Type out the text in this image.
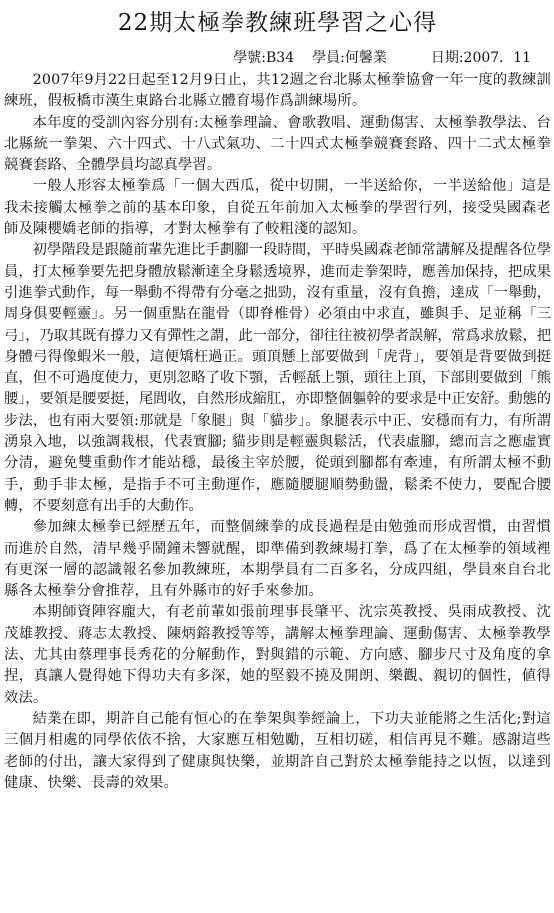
22期太極拳教練班學習之心得
學號:B34 學員:何馨業	日期:2007．11

2007年9月22日起至12月9日止，共12週之台北縣太極拳協會一年一度的教練訓練班，假板橋市漢生東路台北縣立體育場作爲訓練場所。

本年度的受訓內容分別有:太極拳理論、會歌教唱、運動傷害、太極拳教學法、台北縣統一拳架、六十四式、十八式氣功、二十四式太極拳競賽套路、四十二式太極拳競賽套路、全體學員均認真學習。

一般人形容太極拳爲「一個大西瓜，從中切開，一半送給你，一半送給他」這是我未接觸太極拳之前的基本印象，自從五年前加入太極拳的學習行列，接受吳國森老師及陳櫻嬌老師的指導，才對太極拳有了較粗淺的認知。

初學階段是跟隨前輩先進比手劃腳一段時間，平時吳國森老師常講解及提醒各位學員，打太極拳要先把身體放鬆漸達全身鬆透境界，進而走拳架時，應善加保持，把成果引進拳式動作，每一舉動不得帶有分毫之拙勁，沒有重量，沒有負擔，達成「一舉動，周身俱要輕靈」。另一個重點在龍骨（即脊椎骨）必須由中求直，雖與手、足並稱「三弓」，乃取其既有撐力又有彈性之謂，此一部分，卻往往被初學者誤解，常爲求放鬆，把身體弓得像蝦米一般，這便矯枉過正。頭頂懸上部要做到「虎背」，要領是背要做到挺直，但不可過度使力，更別忽略了收下顎，舌輕舐上顎，頭往上頂，下部則要做到「熊腰」，要領是腰要挺，尾閭收，自然形成縮肛，亦即整個軀幹的要求是中正安舒。動態的步法，也有兩大要領:那就是「象腿」與「貓步」。象腿表示中正、安穩而有力，有所謂湧泉入地，以強調栽根，代表實腳; 貓步則是輕靈與鬆活，代表虛腳，總而言之應虛實分清，避免雙重動作才能站穩，最後主宰於腰，從頭到腳都有牽連，有所謂太極不動手，動手非太極，是指手不可主動運作，應隨腰腿順勢動盪，鬆柔不使力，要配合腰轉，不要刻意有出手的大動作。

參加練太極拳已經歷五年，而整個練拳的成長過程是由勉強而形成習慣，由習慣而進於自然，清早幾乎鬧鐘未響就醒，即準備到教練場打拳，爲了在太極拳的領域裡有更深一層的認識報名參加教練班，本期學員有二百多名，分成四組，學員來自台北縣各太極拳分會推荐，且有外縣市的好手來參加。

本期師資陣容龐大，有老前輩如張前理事長肇平、沈宗英教授、吳雨成教授、沈茂雄教授、蔣志太教授、陳炳鎔教授等等，講解太極拳理論、運動傷害、太極拳教學法、尤其由蔡理事長秀花的分解動作，對與錯的示範、方向感、腳步尺寸及角度的拿捏，真讓人覺得她下得功夫有多深，她的堅毅不撓及開朗、樂觀、親切的個性，値得效法。

結業在即，期許自己能有恒心的在拳架與拳經論上，下功夫並能將之生活化;對這三個月相處的同學依依不捨，大家應互相勉勵，互相切磋，相信再見不難。感謝這些老師的付出，讓大家得到了健康與快樂，並期許自己對於太極拳能持之以恆，以達到健康、快樂、長壽的效果。
